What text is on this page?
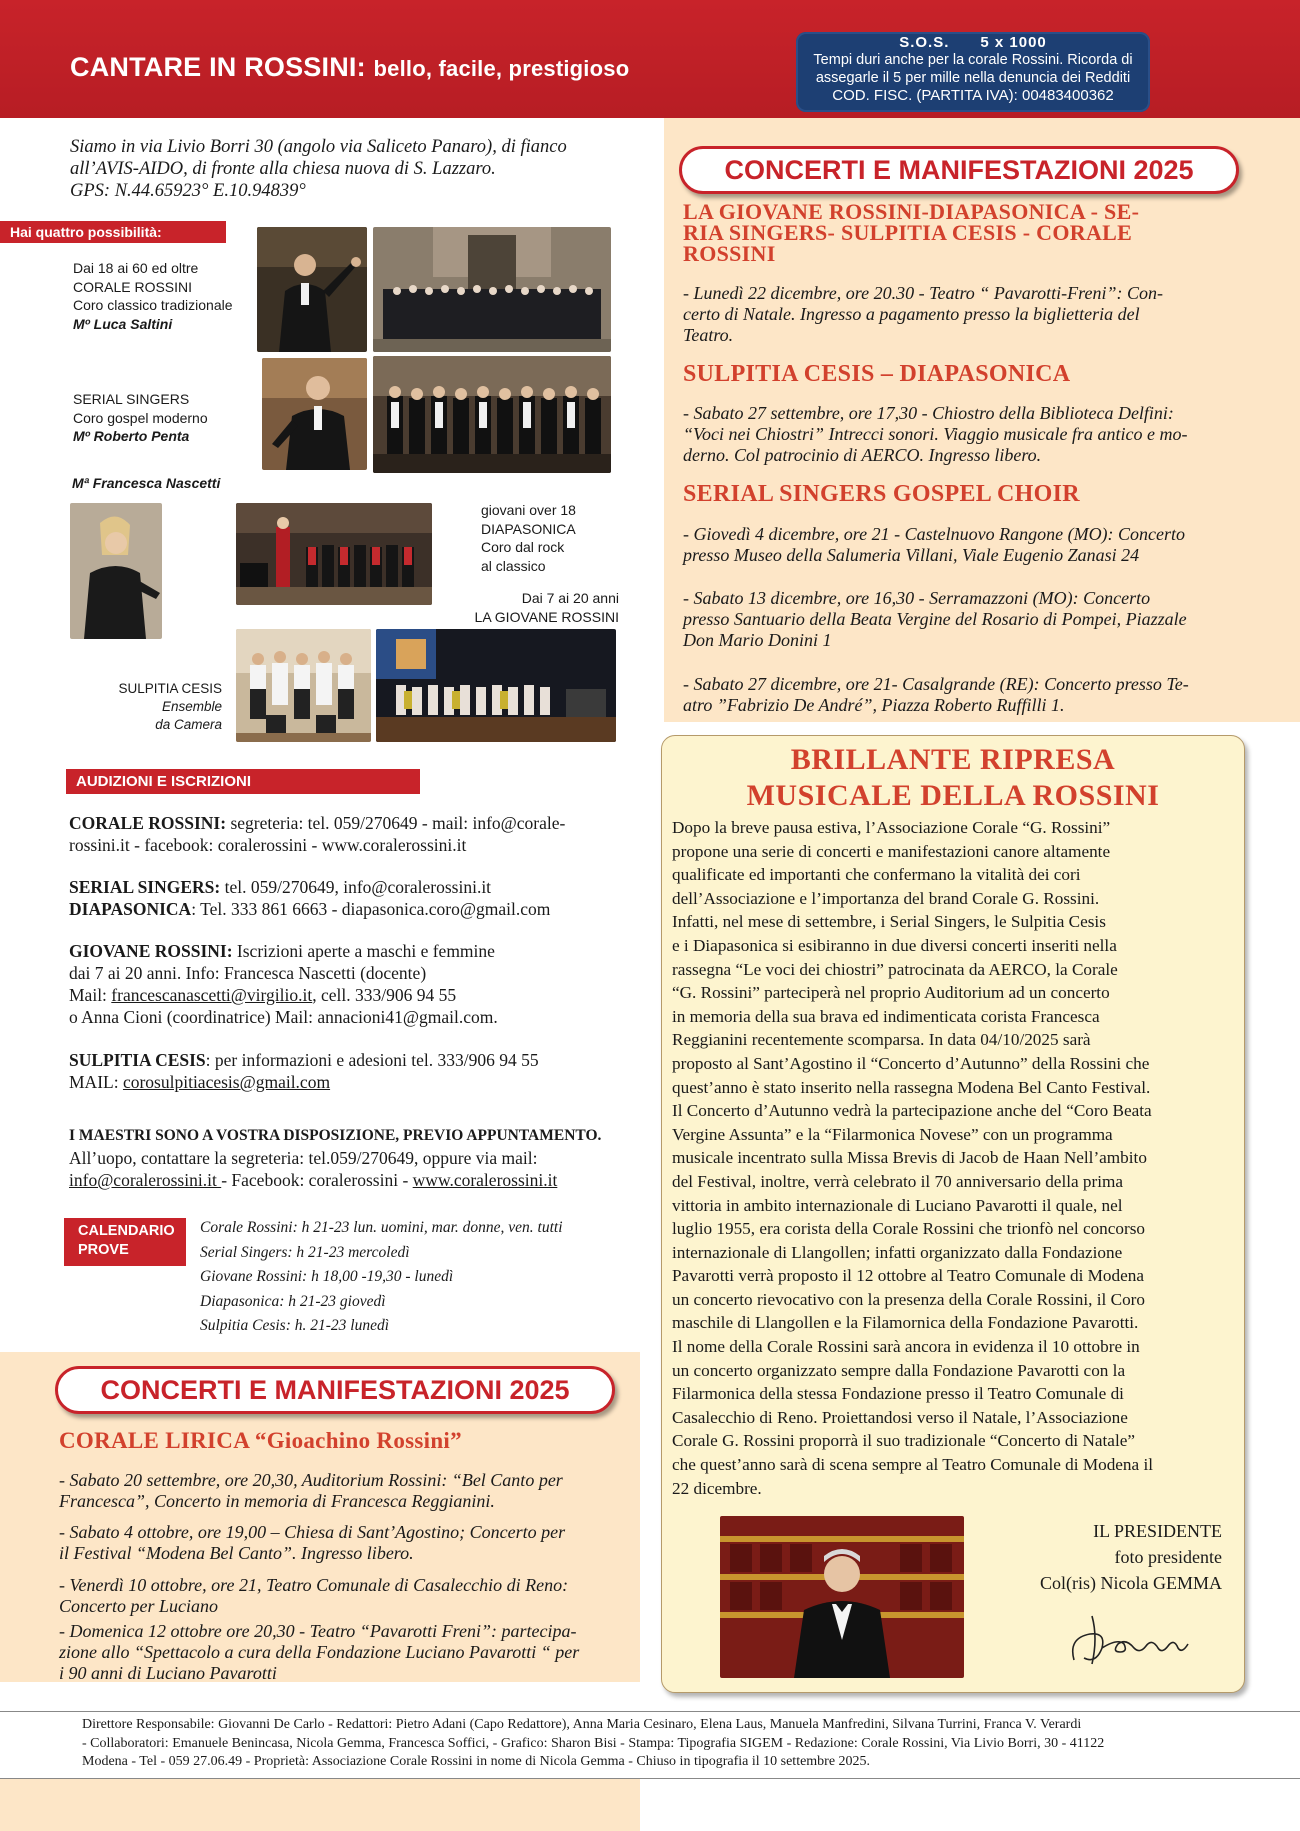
CANTARE IN ROSSINI: bello, facile, prestigioso
S.O.S.      5 x 1000
Tempi duri anche per la corale Rossini. Ricorda di
assegarle il 5 per mille nella denuncia dei Redditi
COD. FISC. (PARTITA IVA): 00483400362
Siamo in via Livio Borri 30 (angolo via Saliceto Panaro), di fianco
all’AVIS-AIDO, di fronte alla chiesa nuova di S. Lazzaro.
GPS: N.44.65923° E.10.94839°
Hai quattro possibilità:
Dai 18 ai 60 ed oltre
CORALE ROSSINI
Coro classico tradizionale
Mº Luca Saltini
SERIAL SINGERS
Coro gospel moderno
Mº Roberto Penta
Mª Francesca Nascetti
giovani over 18
DIAPASONICA
Coro dal rock
al classico
Dai 7 ai 20 anni
LA GIOVANE ROSSINI
SULPITIA CESIS
Ensemble
da Camera
AUDIZIONI E ISCRIZIONI
CORALE ROSSINI: segreteria: tel. 059/270649 - mail: info@corale-
rossini.it - facebook: coralerossini - www.coralerossini.it
SERIAL SINGERS: tel. 059/270649, info@coralerossini.it
DIAPASONICA: Tel. 333 861 6663 - diapasonica.coro@gmail.com
GIOVANE ROSSINI: Iscrizioni aperte a maschi e femmine
dai 7 ai 20 anni. Info: Francesca Nascetti (docente)
Mail: francescanascetti@virgilio.it, cell. 333/906 94 55
o Anna Cioni (coordinatrice) Mail: annacioni41@gmail.com.
SULPITIA CESIS: per informazioni e adesioni tel. 333/906 94 55
MAIL: corosulpitiacesis@gmail.com
I MAESTRI SONO A VOSTRA DISPOSIZIONE, PREVIO APPUNTAMENTO.
All’uopo, contattare la segreteria: tel.059/270649, oppure via mail:
info@coralerossini.it - Facebook: coralerossini - www.coralerossini.it
CALENDARIO
PROVE
Corale Rossini: h 21-23 lun. uomini, mar. donne, ven. tutti
Serial Singers: h 21-23 mercoledì
Giovane Rossini: h 18,00 -19,30 - lunedì
Diapasonica: h 21-23 giovedì
Sulpitia Cesis: h. 21-23 lunedì
CONCERTI E MANIFESTAZIONI 2025
LA GIOVANE ROSSINI-DIAPASONICA - SE-
RIA SINGERS- SULPITIA CESIS - CORALE
ROSSINI
- Lunedì 22 dicembre, ore 20.30 - Teatro “ Pavarotti-Freni”: Con-
certo di Natale. Ingresso a pagamento presso la biglietteria del
Teatro.
SULPITIA CESIS – DIAPASONICA
- Sabato 27 settembre, ore 17,30 - Chiostro della Biblioteca Delfini:
“Voci nei Chiostri” Intrecci sonori. Viaggio musicale fra antico e mo-
derno. Col patrocinio di AERCO. Ingresso libero.
SERIAL SINGERS GOSPEL CHOIR
- Giovedì 4 dicembre, ore 21 - Castelnuovo Rangone (MO): Concerto
presso Museo della Salumeria Villani, Viale Eugenio Zanasi 24
- Sabato 13 dicembre, ore 16,30 - Serramazzoni (MO): Concerto
presso Santuario della Beata Vergine del Rosario di Pompei, Piazzale
Don Mario Donini 1
- Sabato 27 dicembre, ore 21- Casalgrande (RE): Concerto presso Te-
atro ”Fabrizio De André”, Piazza Roberto Ruffilli 1.
CONCERTI E MANIFESTAZIONI 2025
CORALE LIRICA “Gioachino Rossini”
- Sabato 20 settembre, ore 20,30, Auditorium Rossini: “Bel Canto per
Francesca”, Concerto in memoria di Francesca Reggianini.
- Sabato 4 ottobre, ore 19,00 – Chiesa di Sant’Agostino; Concerto per
il Festival “Modena Bel Canto”. Ingresso libero.
- Venerdì 10 ottobre, ore 21, Teatro Comunale di Casalecchio di Reno:
Concerto per Luciano
- Domenica 12 ottobre ore 20,30 - Teatro “Pavarotti Freni”: partecipa-
zione allo “Spettacolo a cura della Fondazione Luciano Pavarotti “ per
i 90 anni di Luciano Pavarotti
BRILLANTE RIPRESA
MUSICALE DELLA ROSSINI
Dopo la breve pausa estiva, l’Associazione Corale “G. Rossini”
propone una serie di concerti e manifestazioni canore altamente
qualificate ed importanti che confermano la vitalità dei cori
dell’Associazione e l’importanza del brand Corale G. Rossini.
Infatti, nel mese di settembre, i Serial Singers, le Sulpitia Cesis
e i Diapasonica si esibiranno in due diversi concerti inseriti nella
rassegna “Le voci dei chiostri” patrocinata da AERCO, la Corale
“G. Rossini” parteciperà nel proprio Auditorium ad un concerto
in memoria della sua brava ed indimenticata corista Francesca
Reggianini recentemente scomparsa. In data 04/10/2025 sarà
proposto al Sant’Agostino il “Concerto d’Autunno” della Rossini che
quest’anno è stato inserito nella rassegna Modena Bel Canto Festival.
Il Concerto d’Autunno vedrà la partecipazione anche del “Coro Beata
Vergine Assunta” e la “Filarmonica Novese” con un programma
musicale incentrato sulla Missa Brevis di Jacob de Haan Nell’ambito
del Festival, inoltre, verrà celebrato il 70 anniversario della prima
vittoria in ambito internazionale di Luciano Pavarotti il quale, nel
luglio 1955, era corista della Corale Rossini che trionfò nel concorso
internazionale di Llangollen; infatti organizzato dalla Fondazione
Pavarotti verrà proposto il 12 ottobre al Teatro Comunale di Modena
un concerto rievocativo con la presenza della Corale Rossini, il Coro
maschile di Llangollen e la Filamornica della Fondazione Pavarotti.
Il nome della Corale Rossini sarà ancora in evidenza il 10 ottobre in
un concerto organizzato sempre dalla Fondazione Pavarotti con la
Filarmonica della stessa Fondazione presso il Teatro Comunale di
Casalecchio di Reno. Proiettandosi verso il Natale, l’Associazione
Corale G. Rossini proporrà il suo tradizionale “Concerto di Natale”
che quest’anno sarà di scena sempre al Teatro Comunale di Modena il
22 dicembre.
IL PRESIDENTE
foto presidente
Col(ris) Nicola GEMMA
Direttore Responsabile: Giovanni De Carlo - Redattori: Pietro Adani (Capo Redattore), Anna Maria Cesinaro, Elena Laus, Manuela Manfredini, Silvana Turrini, Franca V. Verardi
- Collaboratori: Emanuele Benincasa, Nicola Gemma, Francesca Soffici, - Grafico: Sharon Bisi - Stampa: Tipografia SIGEM - Redazione: Corale Rossini, Via Livio Borri, 30 - 41122
Modena - Tel - 059 27.06.49 - Proprietà: Associazione Corale Rossini in nome di Nicola Gemma - Chiuso in tipografia il 10 settembre 2025.
